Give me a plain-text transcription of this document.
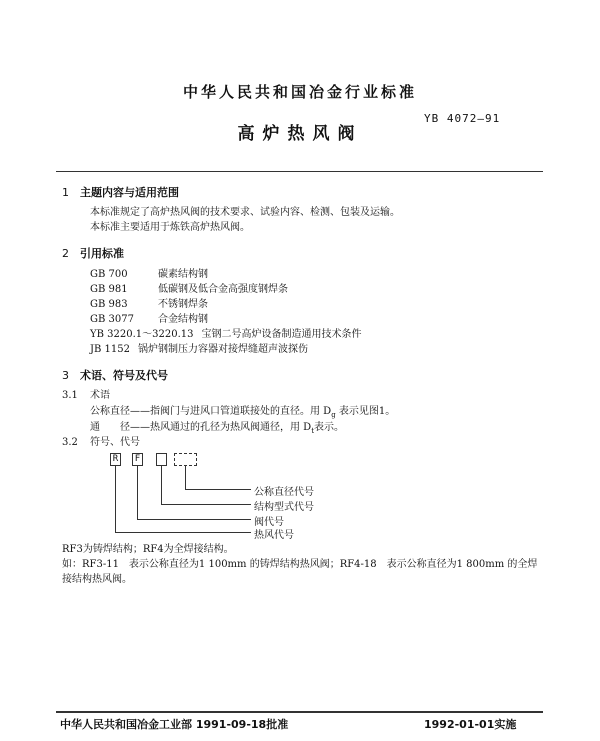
中华人民共和国冶金行业标准
YB 4072—91
高炉热风阀
1 主题内容与适用范围
本标准规定了高炉热风阀的技术要求、试验内容、检测、包装及运输。
本标准主要适用于炼铁高炉热风阀。
2 引用标准
GB 700	碳素结构钢
GB 981	低碳钢及低合金高强度钢焊条
GB 983	不锈钢焊条
GB 3077 合金结构钢
YB 3220.1～3220.13 宝钢二号高炉设备制造通用技术条件
JB 1152 锅炉钢制压力容器对接焊缝超声波探伤
3 术语、符号及代号
3.1 术语
公称直径——指阀门与进风口管道联接处的直径。用 $D_g$ 表示见图1。
通 径——热风通过的孔径为热风阀通径，用 $D_t$表示。
3.2 符号、代号
R	F
公称直径代号
结构型式代号
阀代号
热风代号
RF3为铸焊结构；RF4为全焊接结构。
如：RF3-11　表示公称直径为1 100mm 的铸焊结构热风阀；RF4-18　表示公称直径为1 800mm 的全焊
接结构热风阀。
中华人民共和国冶金工业部 1991-09-18批准	1992-01-01实施
